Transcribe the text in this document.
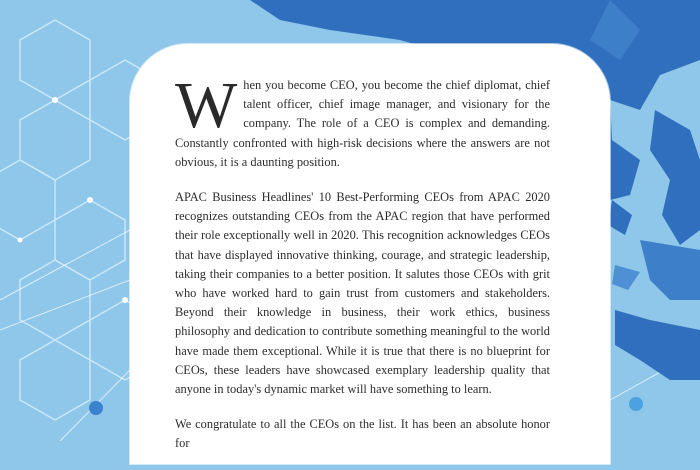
When you become CEO, you become the chief diplomat, chief talent officer, chief image manager, and visionary for the company. The role of a CEO is complex and demanding. Constantly confronted with high-risk decisions where the answers are not obvious, it is a daunting position.

APAC Business Headlines' 10 Best-Performing CEOs from APAC 2020 recognizes outstanding CEOs from the APAC region that have performed their role exceptionally well in 2020. This recognition acknowledges CEOs that have displayed innovative thinking, courage, and strategic leadership, taking their companies to a better position. It salutes those CEOs with grit who have worked hard to gain trust from customers and stakeholders. Beyond their knowledge in business, their work ethics, business philosophy and dedication to contribute something meaningful to the world have made them exceptional. While it is true that there is no blueprint for CEOs, these leaders have showcased exemplary leadership quality that anyone in today's dynamic market will have something to learn.

We congratulate to all the CEOs on the list. It has been an absolute honor for
